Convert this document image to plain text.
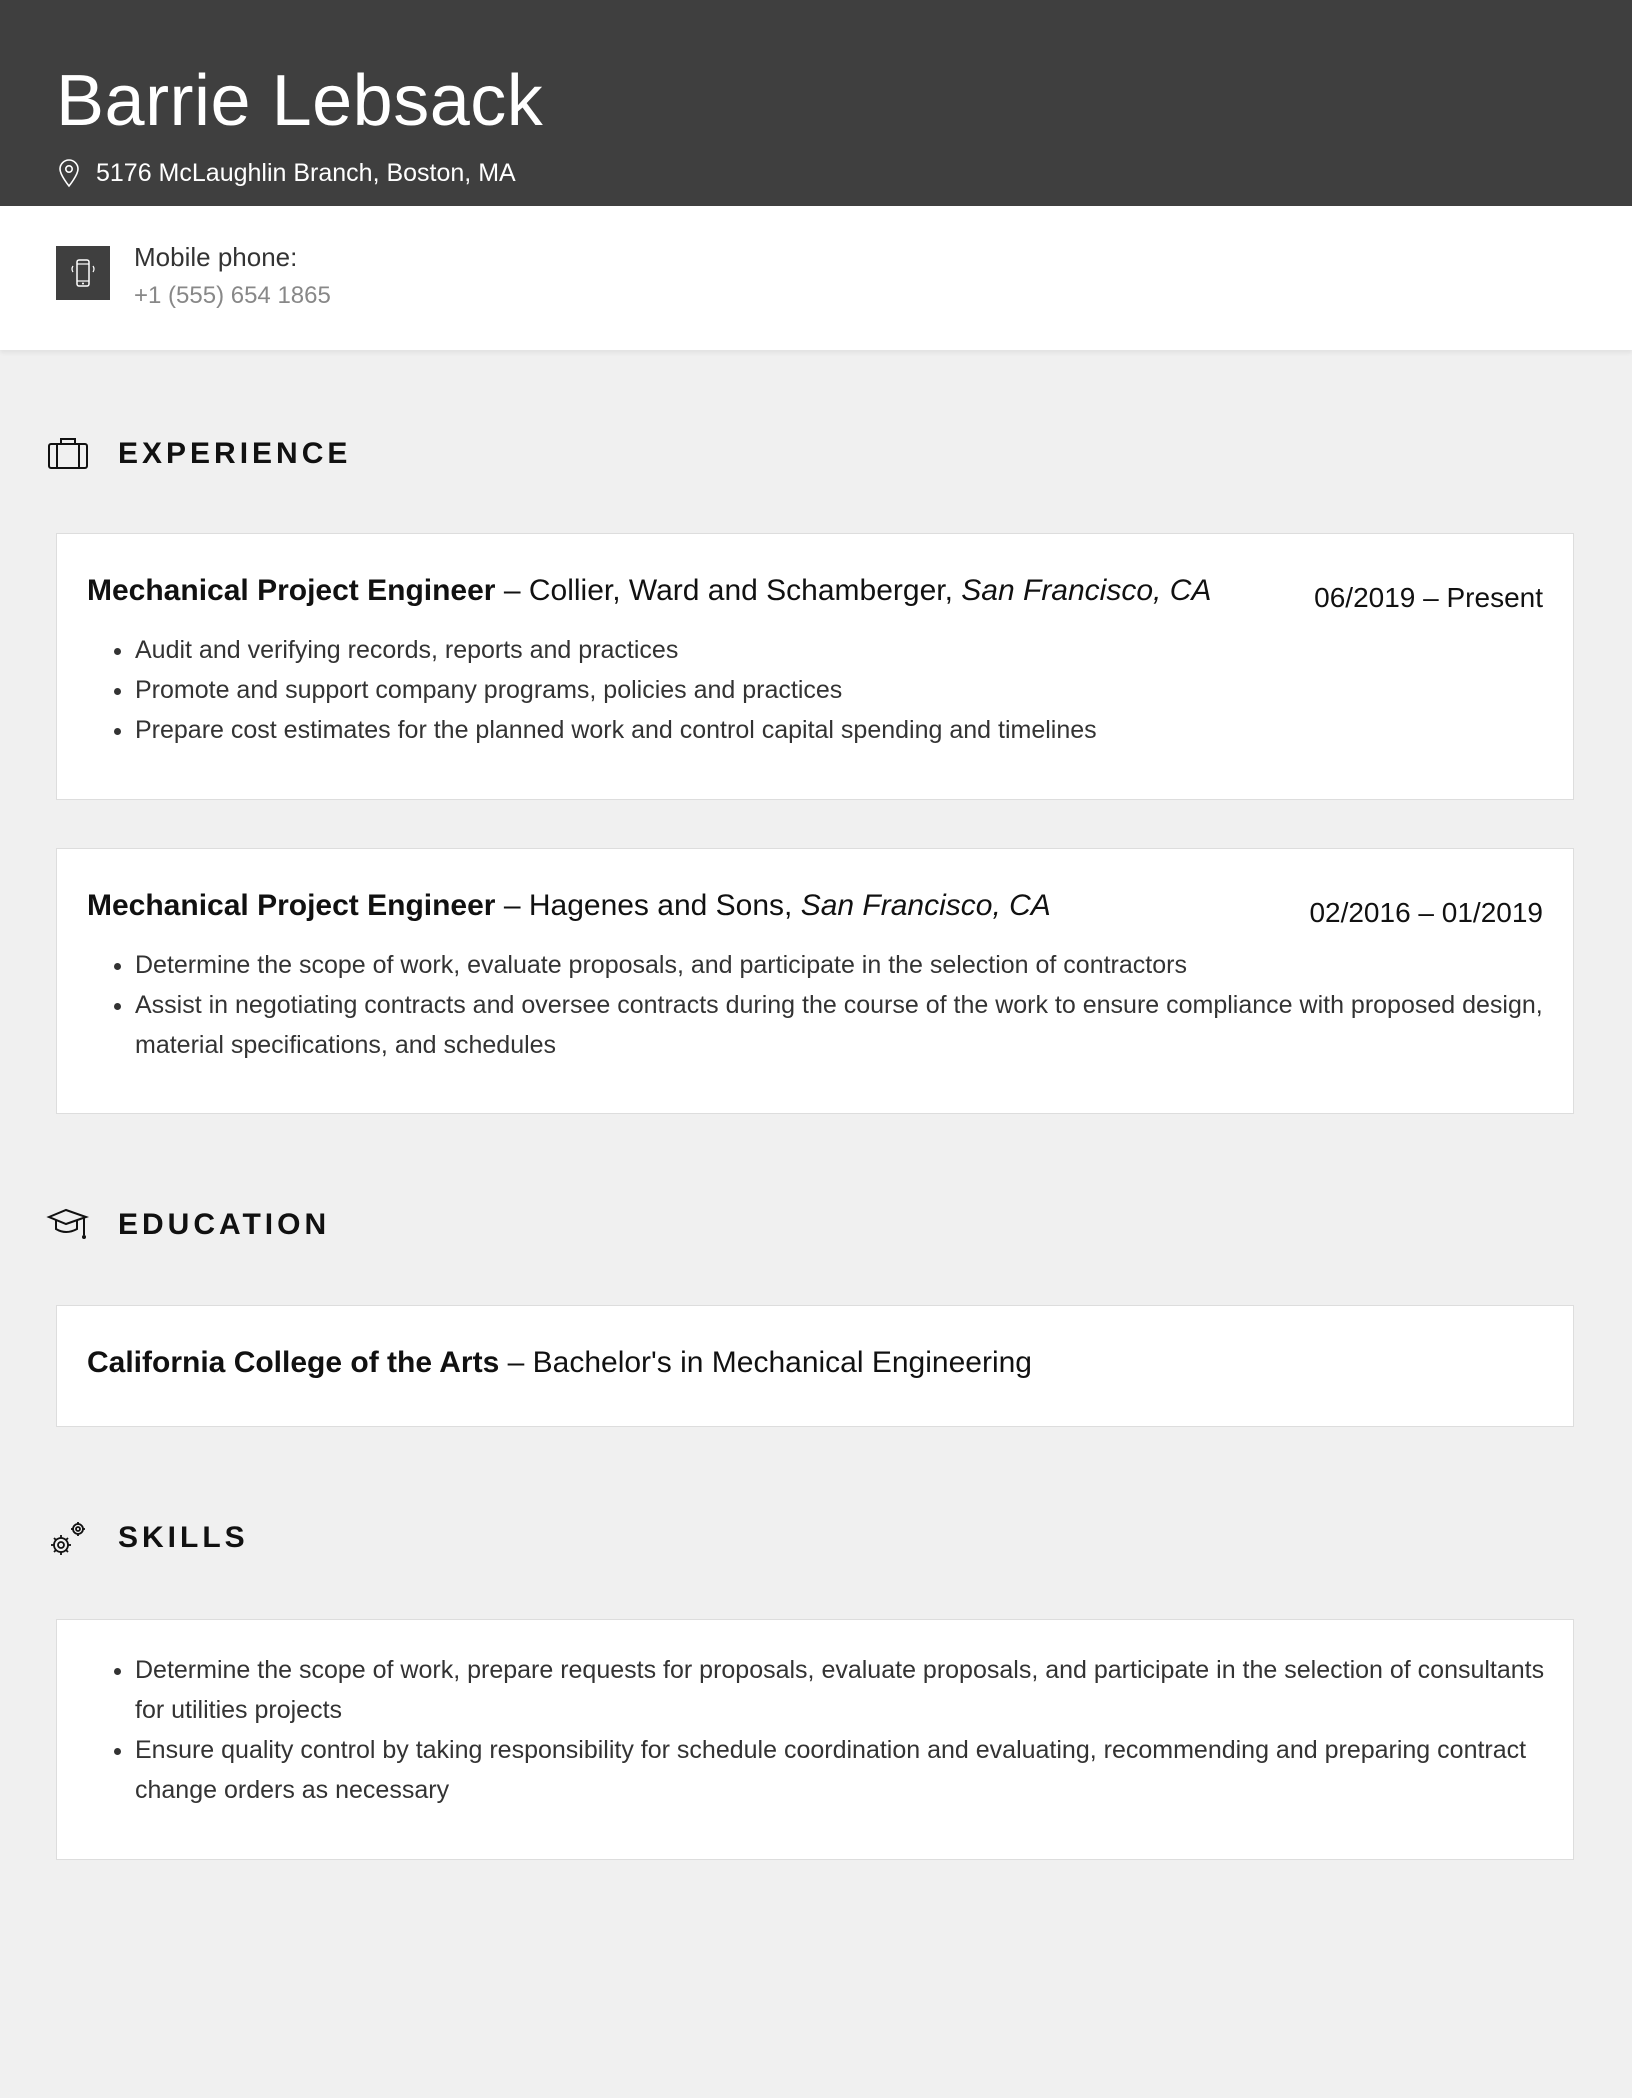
Barrie Lebsack
5176 McLaughlin Branch, Boston, MA
Mobile phone:
+1 (555) 654 1865
EXPERIENCE
Mechanical Project Engineer – Collier, Ward and Schamberger, San Francisco, CA	06/2019 – Present
• Audit and verifying records, reports and practices
• Promote and support company programs, policies and practices
• Prepare cost estimates for the planned work and control capital spending and timelines
Mechanical Project Engineer – Hagenes and Sons, San Francisco, CA	02/2016 – 01/2019
• Determine the scope of work, evaluate proposals, and participate in the selection of contractors
• Assist in negotiating contracts and oversee contracts during the course of the work to ensure compliance with proposed design, material specifications, and schedules
EDUCATION
California College of the Arts – Bachelor's in Mechanical Engineering
SKILLS
• Determine the scope of work, prepare requests for proposals, evaluate proposals, and participate in the selection of consultants for utilities projects
• Ensure quality control by taking responsibility for schedule coordination and evaluating, recommending and preparing contract change orders as necessary
